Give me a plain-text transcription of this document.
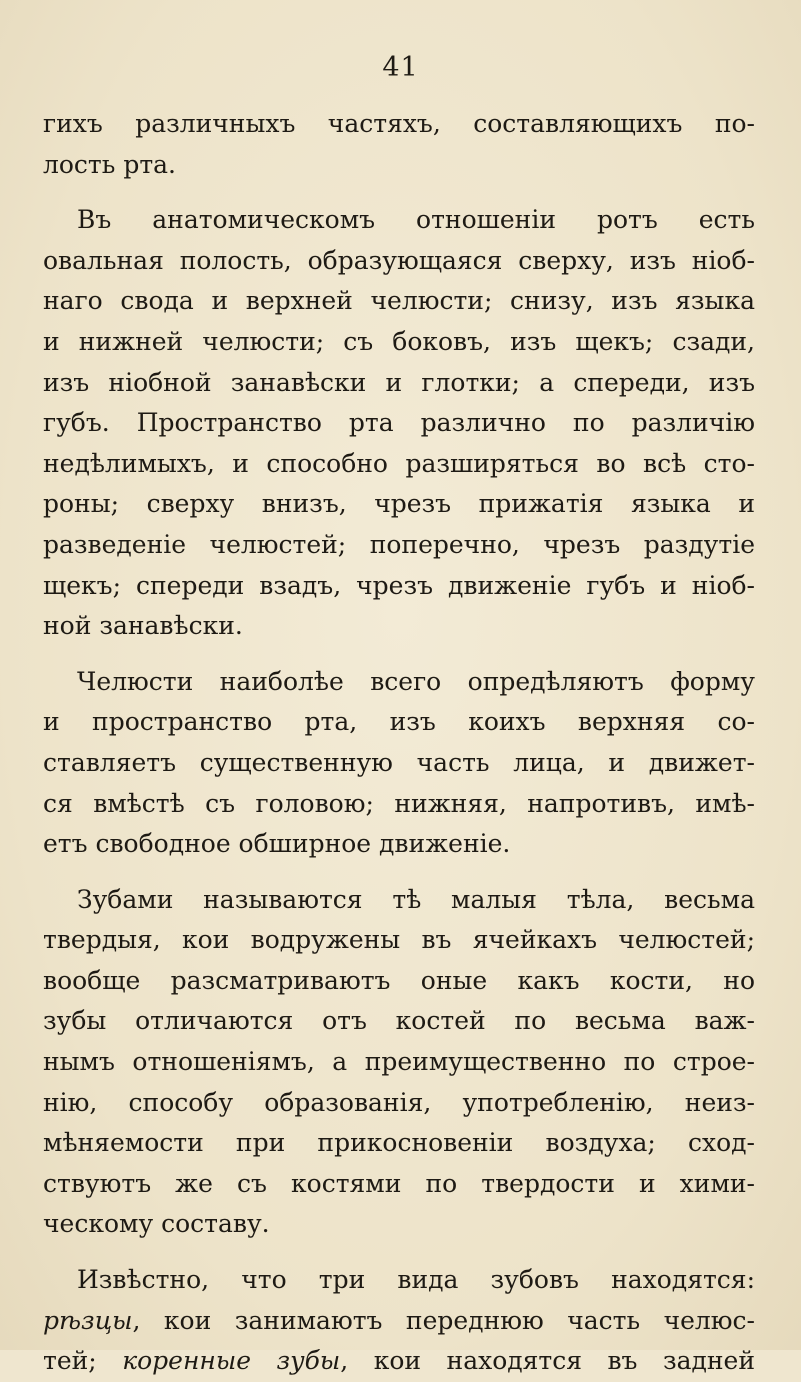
41
гихъ различныхъ частяхъ, составляющихъ по-
лость рта.
Въ анатомическомъ отношенiи ротъ есть
овальная полость, образующаяся сверху, изъ нiоб-
наго свода и верхней челюсти; снизу, изъ языка
и нижней челюсти; съ боковъ, изъ щекъ; сзади,
изъ нiобной занавѣски и глотки; а спереди, изъ
губъ. Пространство рта различно по различiю
недѣлимыхъ, и способно разширяться во всѣ сто-
роны; сверху внизъ, чрезъ прижатiя языка и
разведенiе челюстей; поперечно, чрезъ раздутiе
щекъ; спереди взадъ, чрезъ движенiе губъ и нiоб-
ной занавѣски.
Челюсти наиболѣе всего опредѣляютъ форму
и пространство рта, изъ коихъ верхняя со-
ставляетъ существенную часть лица, и движет-
ся вмѣстѣ съ головою; нижняя, напротивъ, имѣ-
етъ свободное обширное движенiе.
Зубами называются тѣ малыя тѣла, весьма
твердыя, кои водружены въ ячейкахъ челюстей;
вообще разсматриваютъ оные какъ кости, но
зубы отличаются отъ костей по весьма важ-
нымъ отношенiямъ, а преимущественно по строе-
нiю, способу образованiя, употребленiю, неиз-
мѣняемости при прикосновенiи воздуха; сход-
ствуютъ же съ костями по твердости и хими-
ческому составу.
Извѣстно, что три вида зубовъ находятся:
рѣзцы, кои занимаютъ переднюю часть челюс-
тей; коренные зубы, кои находятся въ задней
